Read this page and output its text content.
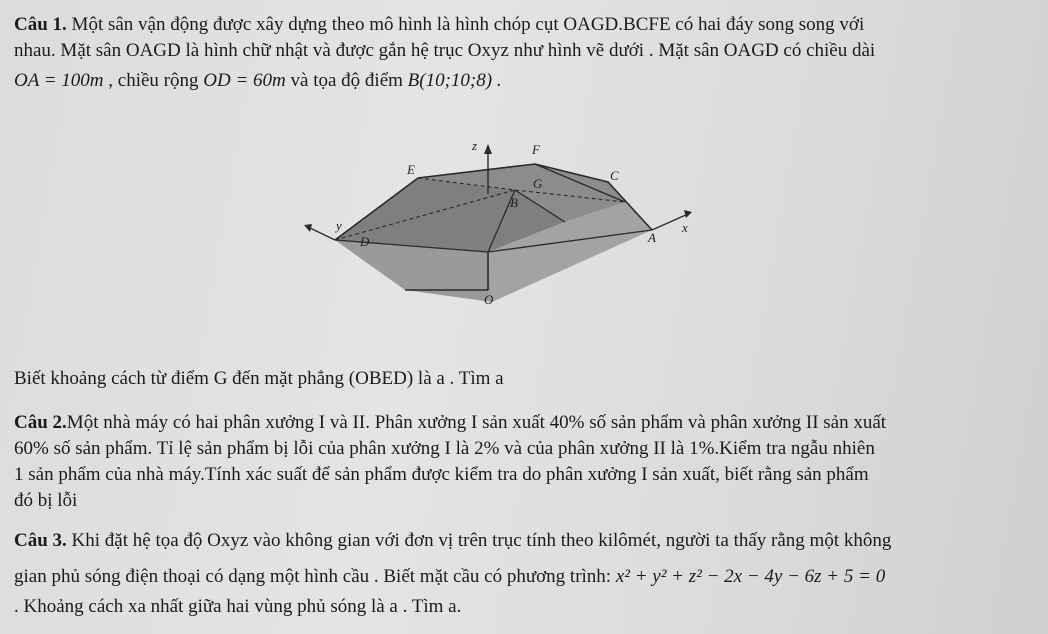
Câu 1. Một sân vận động được xây dựng theo mô hình là hình chóp cụt OAGD.BCFE có hai đáy song song với
nhau. Mặt sân OAGD là hình chữ nhật và được gắn hệ trục Oxyz như hình vẽ dưới . Mặt sân OAGD có chiều dài
OA = 100m , chiều rộng OD = 60m và tọa độ điểm B(10;10;8) .
z	F
E
G
C
B
y
D	A
x
O
Biết khoảng cách từ điểm G đến mặt phẳng (OBED) là a . Tìm a
Câu 2.Một nhà máy có hai phân xưởng I và II. Phân xưởng I sản xuất 40% số sản phẩm và phân xưởng II sản xuất
60% số sản phẩm. Tỉ lệ sản phẩm bị lỗi của phân xưởng I là 2% và của phân xưởng II là 1%.Kiểm tra ngẫu nhiên
1 sản phẩm của nhà máy.Tính xác suất để sản phẩm được kiểm tra do phân xưởng I sản xuất, biết rằng sản phẩm
đó bị lỗi
Câu 3. Khi đặt hệ tọa độ Oxyz vào không gian với đơn vị trên trục tính theo kilômét, người ta thấy rằng một không
gian phủ sóng điện thoại có dạng một hình cầu . Biết mặt cầu có phương trình: x² + y² + z² − 2x − 4y − 6z + 5 = 0
. Khoảng cách xa nhất giữa hai vùng phủ sóng là a . Tìm a.
